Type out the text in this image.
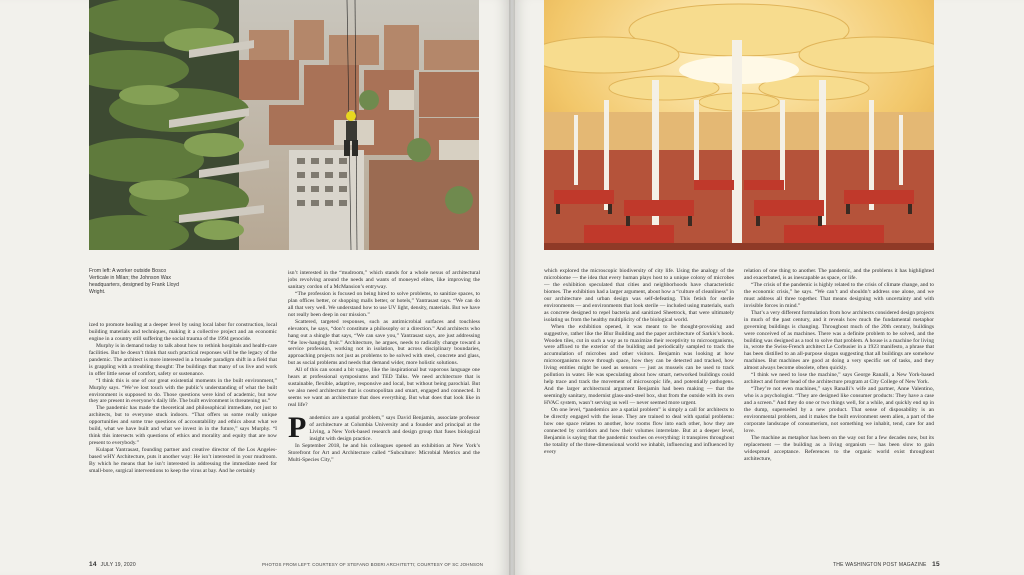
From left: A worker outside Bosco Verticale in Milan; the Johnson Wax headquarters, designed by Frank Lloyd Wright.

ized to promote healing at a deeper level by using local labor for construction, local building materials and techniques, making it a collective project and an economic engine in a country still suffering the social trauma of the 1994 genocide.

Murphy is in demand today to talk about how to rethink hospitals and health-care facilities. But he doesn’t think that such practical responses will be the legacy of the pandemic. The architect is more interested in a broader paradigm shift in a field that is grappling with a troubling thought: The buildings that many of us live and work in offer little sense of comfort, safety or sustenance.

“I think this is one of our great existential moments in the built environment,” Murphy says. “We’ve lost touch with the public’s understanding of what the built environment is supposed to do. Those questions were kind of academic, but now they are present in everyone’s daily life. The built environment is threatening us.”

The pandemic has made the theoretical and philosophical immediate, not just to architects, but to everyone stuck indoors. “That offers us some really unique opportunities and some true questions of accountability and ethics about what we build, what we have built and what we invest in in the future,” says Murphy. “I think this intersects with questions of ethics and morality and equity that are now present to everybody.”

Kulapat Yantrasast, founding partner and creative director of the Los Angeles-based wHY Architecture, puts it another way: He isn’t interested in your mudroom. By which he means that he isn’t interested in addressing the immediate need for small-bore, surgical interventions to keep the virus at bay. And he certainly

isn’t interested in the “mudroom,” which stands for a whole nexus of architectural jobs revolving around the needs and wants of moneyed elites, like improving the sanitary cordon of a McMansion’s entryway.

“The profession is focused on being hired to solve problems, to sanitize spaces, to plan offices better, or shopping malls better, or hotels,” Yantrasast says. “We can do all that very well. We understand how to use UV light, density, materials. But we have not really been deep in our mission.”

Scattered, targeted responses, such as antimicrobial surfaces and touchless elevators, he says, “don’t constitute a philosophy or a direction.” And architects who hang out a shingle that says, “We can save you,” Yantrasast says, are just addressing “the low-hanging fruit.” Architecture, he argues, needs to radically change toward a service profession, working not in isolation, but across disciplinary boundaries, approaching projects not just as problems to be solved with steel, concrete and glass, but as social problems and needs that demand wider, more holistic solutions.

All of this can sound a bit vague, like the inspirational but vaporous language one hears at professional symposiums and TED Talks. We need architecture that is sustainable, flexible, adaptive, responsive and local, but without being parochial. But we also need architecture that is cosmopolitan and smart, engaged and connected. It seems we want an architecture that does everything. But what does that look like in real life?

Pandemics are a spatial problem,” says David Benjamin, associate professor of architecture at Columbia University and a founder and principal at the Living, a New York-based research and design group that fuses biological insight with design practice.

In September 2018, he and his colleagues opened an exhibition at New York’s Storefront for Art and Architecture called “Subculture: Microbial Metrics and the Multi-Species City,”

14 JULY 19, 2020	PHOTOS FROM LEFT: COURTESY OF STEFANO BOERI ARCHITETTI; COURTESY OF SC JOHNSON

which explored the microscopic biodiversity of city life. Using the analogy of the microbiome — the idea that every human plays host to a unique colony of microbes — the exhibition speculated that cities and neighborhoods have characteristic biomes. The exhibition had a larger argument, about how a “culture of cleanliness” in our architecture and urban design was self-defeating. This fetish for sterile environments — and environments that look sterile — included using materials, such as concrete designed to repel bacteria and sanitized Sheetrock, that were ultimately isolating us from the healthy multiplicity of the biological world.

When the exhibition opened, it was meant to be thought-provoking and suggestive, rather like the Blur Building and the paper architecture of Sarkis’s book. Wooden tiles, cut in such a way as to maximize their receptivity to microorganisms, were affixed to the exterior of the building and periodically sampled to track the accumulation of microbes and other visitors. Benjamin was looking at how microorganisms move through space, how they can be detected and tracked, how living entities might be used as sensors — just as mussels can be used to track pollution in water. He was speculating about how smart, networked buildings could help trace and track the movement of microscopic life, and potentially pathogens. And the larger architectural argument Benjamin had been making — that the seemingly sanitary, modernist glass-and-steel box, shut from the outside with its own HVAC system, wasn’t serving us well — never seemed more urgent.

On one level, “pandemics are a spatial problem” is simply a call for architects to be directly engaged with the issue. They are trained to deal with spatial problems: how one space relates to another, how rooms flow into each other, how they are connected by corridors and how their volumes interrelate. But at a deeper level, Benjamin is saying that the pandemic touches on everything: it transpires throughout the totality of the three-dimensional world we inhabit, influencing and influenced by every

relation of one thing to another. The pandemic, and the problems it has highlighted and exacerbated, is as inescapable as space, or life.

“The crisis of the pandemic is highly related to the crisis of climate change, and to the economic crisis,” he says. “We can’t and shouldn’t address one alone, and we must address all three together. That means designing with uncertainty and with invisible forces in mind.”

That’s a very different formulation from how architects considered design projects in much of the past century, and it reveals how much the fundamental metaphor governing buildings is changing. Throughout much of the 20th century, buildings were conceived of as machines. There was a definite problem to be solved, and the building was designed as a tool to solve that problem. A house is a machine for living in, wrote the Swiss-French architect Le Corbusier in a 1923 manifesto, a phrase that has been distilled to an all-purpose slogan suggesting that all buildings are somehow machines. But machines are good at doing a very specific set of tasks, and they almost always become obsolete, often quickly.

“I think we need to lose the machine,” says George Ranalli, a New York-based architect and former head of the architecture program at City College of New York.

“They’re not even machines,” says Ranalli’s wife and partner, Anne Valentino, who is a psychologist. “They are designed like consumer products: They have a case and a screen.” And they do one or two things well, for a while, and quickly end up in the dump, superseded by a new product. That sense of disposability is an environmental problem, and it makes the built environment seem alien, a part of the corporate landscape of consumerism, not something we inhabit, tend, care for and love.

The machine as metaphor has been on the way out for a few decades now, but its replacement — the building as a living organism — has been slow to gain widespread acceptance. References to the organic world exist throughout architecture,

THE WASHINGTON POST MAGAZINE 15
